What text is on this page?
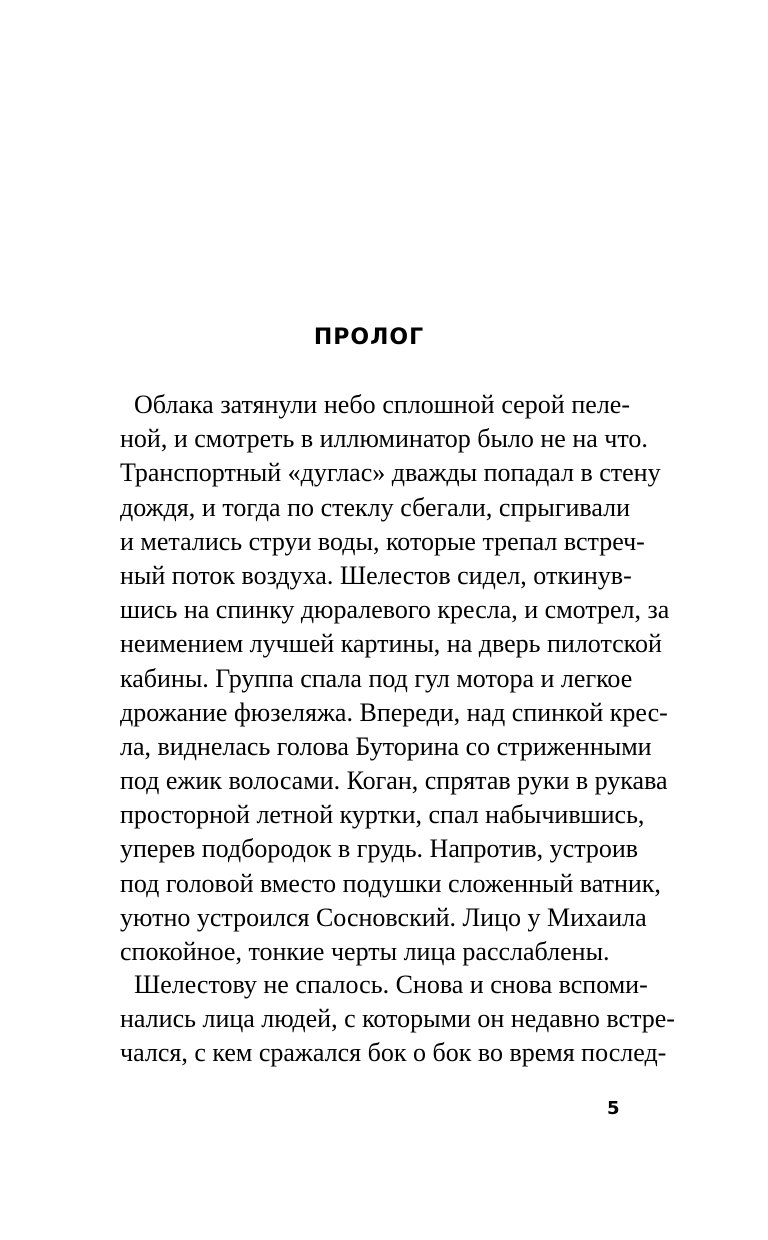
ПРОЛОГ
Облака затянули небо сплошной серой пеле-
ной, и смотреть в иллюминатор было не на что.
Транспортный «дуглас» дважды попадал в стену
дождя, и тогда по стеклу сбегали, спрыгивали
и метались струи воды, которые трепал встреч-
ный поток воздуха. Шелестов сидел, откинув-
шись на спинку дюралевого кресла, и смотрел, за
неимением лучшей картины, на дверь пилотской
кабины. Группа спала под гул мотора и легкое
дрожание фюзеляжа. Впереди, над спинкой крес-
ла, виднелась голова Буторина со стриженными
под ежик волосами. Коган, спрятав руки в рукава
просторной летной куртки, спал набычившись,
уперев подбородок в грудь. Напротив, устроив
под головой вместо подушки сложенный ватник,
уютно устроился Сосновский. Лицо у Михаила
спокойное, тонкие черты лица расслаблены.
Шелестову не спалось. Снова и снова вспоми-
нались лица людей, с которыми он недавно встре-
чался, с кем сражался бок о бок во время послед-
5
